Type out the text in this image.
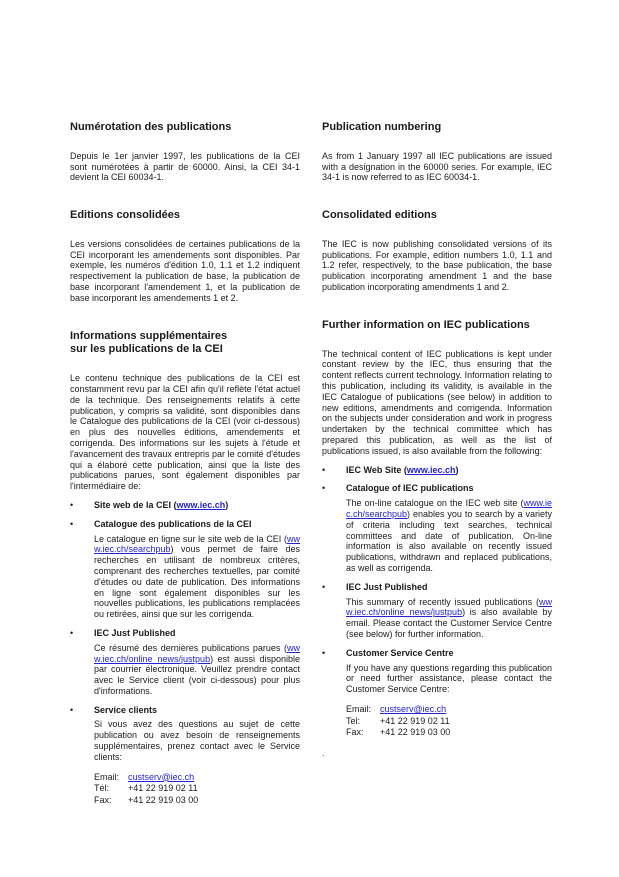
Numérotation des publications

Depuis le 1er janvier 1997, les publications de la CEI sont numérotées à partir de 60000. Ainsi, la CEI 34-1 devient la CEI 60034-1.

Editions consolidées

Les versions consolidées de certaines publications de la CEI incorporant les amendements sont disponibles. Par exemple, les numéros d'édition 1.0, 1.1 et 1.2 indiquent respectivement la publication de base, la publication de base incorporant l'amendement 1, et la publication de base incorporant les amendements 1 et 2.

Informations supplémentaires
sur les publications de la CEI

Le contenu technique des publications de la CEI est constamment revu par la CEI afin qu'il reflète l'état actuel de la technique. Des renseignements relatifs à cette publication, y compris sa validité, sont disponibles dans le Catalogue des publications de la CEI (voir ci-dessous) en plus des nouvelles éditions, amendements et corrigenda. Des informations sur les sujets à l'étude et l'avancement des travaux entrepris par le comité d'études qui a élaboré cette publication, ainsi que la liste des publications parues, sont également disponibles par l'intermédiaire de:

•	Site web de la CEI (www.iec.ch)
•	Catalogue des publications de la CEI

Le catalogue en ligne sur le site web de la CEI (www.iec.ch/searchpub) vous permet de faire des recherches en utilisant de nombreux critères, comprenant des recherches textuelles, par comité d'études ou date de publication. Des informations en ligne sont également disponibles sur les nouvelles publications, les publications remplacées ou retirées, ainsi que sur les corrigenda.

•	IEC Just Published

Ce résumé des dernières publications parues (www.iec.ch/online_news/justpub) est aussi disponible par courrier électronique. Veuillez prendre contact avec le Service client (voir ci-dessous) pour plus d'informations.

•	Service clients

Si vous avez des questions au sujet de cette publication ou avez besoin de renseignements supplémentaires, prenez contact avec le Service clients:

Email: custserv@iec.ch
Tél:	+41 22 919 02 11
Fax:	+41 22 919 03 00
Publication numbering

As from 1 January 1997 all IEC publications are issued with a designation in the 60000 series. For example, IEC 34-1 is now referred to as IEC 60034-1.

Consolidated editions

The IEC is now publishing consolidated versions of its publications. For example, edition numbers 1.0, 1.1 and 1.2 refer, respectively, to the base publication, the base publication incorporating amendment 1 and the base publication incorporating amendments 1 and 2.

Further information on IEC publications

The technical content of IEC publications is kept under constant review by the IEC, thus ensuring that the content reflects current technology. Information relating to this publication, including its validity, is available in the IEC Catalogue of publications (see below) in addition to new editions, amendments and corrigenda. Information on the subjects under consideration and work in progress undertaken by the technical committee which has prepared this publication, as well as the list of publications issued, is also available from the following:

•	IEC Web Site (www.iec.ch)
•	Catalogue of IEC publications

The on-line catalogue on the IEC web site (www.iec.ch/searchpub) enables you to search by a variety of criteria including text searches, technical committees and date of publication. On-line information is also available on recently issued publications, withdrawn and replaced publications, as well as corrigenda.

•	IEC Just Published

This summary of recently issued publications (www.iec.ch/online_news/justpub) is also available by email. Please contact the Customer Service Centre (see below) for further information.

•	Customer Service Centre

If you have any questions regarding this publication or need further assistance, please contact the Customer Service Centre:

Email: custserv@iec.ch
Tel:	+41 22 919 02 11
Fax:	+41 22 919 03 00
.
